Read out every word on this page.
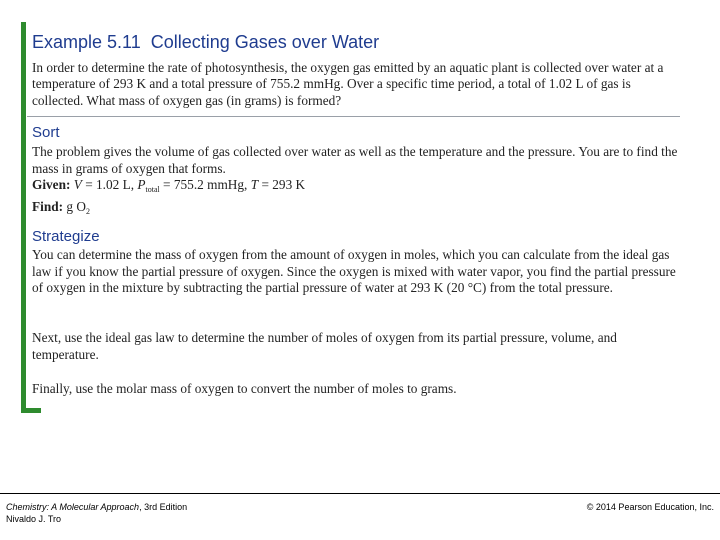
Example 5.11 Collecting Gases over Water
In order to determine the rate of photosynthesis, the oxygen gas emitted by an aquatic plant is collected over water at a temperature of 293 K and a total pressure of 755.2 mmHg. Over a specific time period, a total of 1.02 L of gas is collected. What mass of oxygen gas (in grams) is formed?
Sort
The problem gives the volume of gas collected over water as well as the temperature and the pressure. You are to find the mass in grams of oxygen that forms.
Given: V = 1.02 L, $P_{total} = 755.2$ mmHg, T = 293 K
Find: g $O_2$
Strategize
You can determine the mass of oxygen from the amount of oxygen in moles, which you can calculate from the ideal gas law if you know the partial pressure of oxygen. Since the oxygen is mixed with water vapor, you find the partial pressure of oxygen in the mixture by subtracting the partial pressure of water at 293 K (20 °C) from the total pressure.
Next, use the ideal gas law to determine the number of moles of oxygen from its partial pressure, volume, and temperature.
Finally, use the molar mass of oxygen to convert the number of moles to grams.
Chemistry: A Molecular Approach, 3rd Edition
Nivaldo J. Tro
© 2014 Pearson Education, Inc.
